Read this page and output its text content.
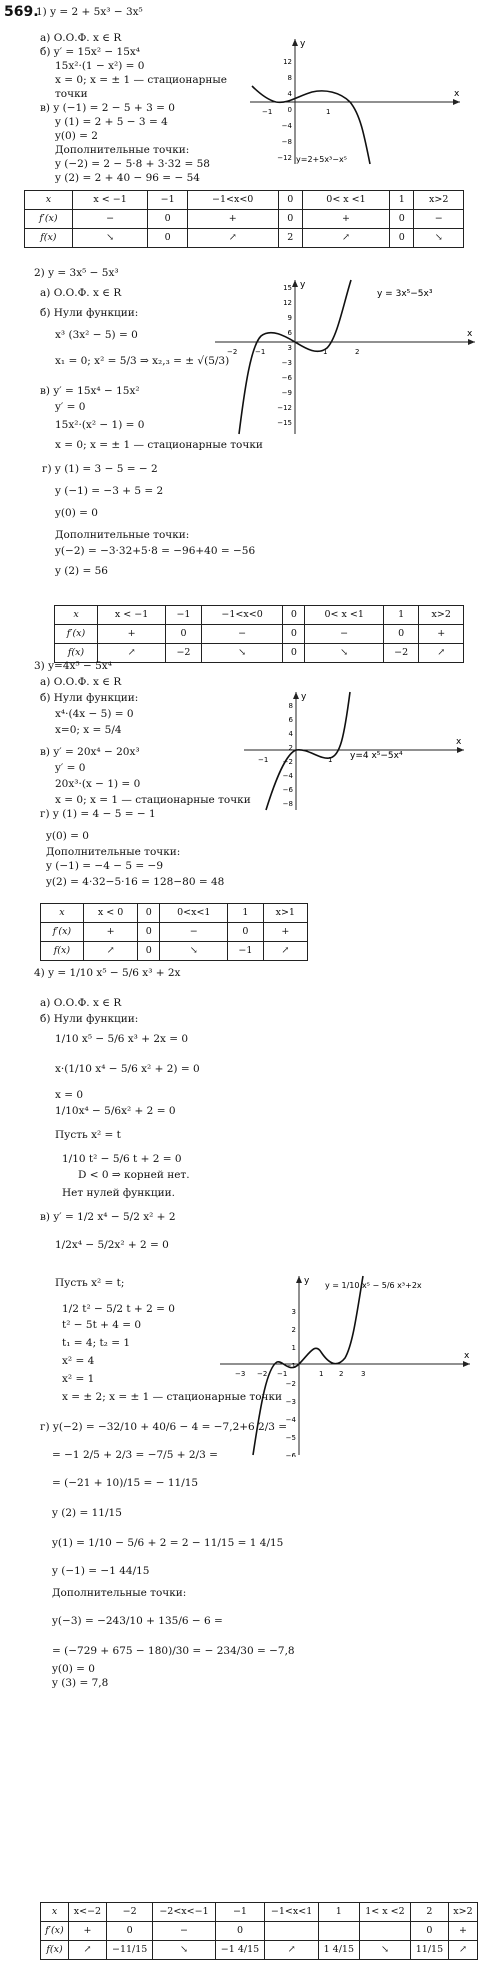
569.
1) y = 2 + 5x³ − 3x⁵
а) О.О.Ф. x ∈ R
б) y′ = 15x² − 15x⁴
15x²·(1 − x²) = 0
x = 0; x = ± 1 — стационарные
точки
в) y (−1) = 2 − 5 + 3 = 0
y (1) = 2 + 5 − 3 = 4
y(0) = 2
Дополнительные точки:
y (−2) = 2 − 5·8 + 3·32 = 58
y (2) = 2 + 40 − 96 = − 54
y
x
12
8
4
0
−4
−8
−12
−1	1
y=2+5x³−x⁵
x	x < −1	−1	−1<x<0	0	0< x <1	1	x>2
f′(x)	−	0	+	0	+	0	−
f(x)	↘	0	↗	2	↗	0	↘
2) y = 3x⁵ − 5x³
а) О.О.Ф. x ∈ R
б) Нули функции:
x³ (3x² − 5) = 0
x₁ = 0; x² = 5/3 ⇒ x₂,₃ = ± √(5/3)
в) y′ = 15x⁴ − 15x²
y′ = 0
15x²·(x² − 1) = 0
x = 0; x = ± 1 — стационарные точки
г) y (1) = 3 − 5 = − 2
y (−1) = −3 + 5 = 2
y(0) = 0
Дополнительные точки:
y(−2) = −3·32+5·8 = −96+40 = −56
y (2) = 56
y
x
15
12
9
6
3
−3
−6
−9
−12
−15
−2	−1	1	2
y = 3x⁵−5x³
x	x < −1	−1	−1<x<0	0	0< x <1	1	x>2
f′(x)	+	0	−	0	−	0	+
f(x)	↗	−2	↘	0	↘	−2	↗
3) y=4x⁵ − 5x⁴
а) О.О.Ф. x ∈ R
б) Нули функции:
x⁴·(4x − 5) = 0
x=0; x = 5/4
в) y′ = 20x⁴ − 20x³
y′ = 0
20x³·(x − 1) = 0
x = 0; x = 1 — стационарные точки
г) y (1) = 4 − 5 = − 1
y(0) = 0
Дополнительные точки:
y (−1) = −4 − 5 = −9
y(2) = 4·32−5·16 = 128−80 = 48
y
x
8
6
4
2
−2
−4
−6
−8
−1	1 y=4 x⁵−5x⁴
x	x < 0	0	0<x<1	1	x>1
f′(x)	+	0	−	0	+
f(x)	↗	0	↘	−1	↗
4) y = 1/10 x⁵ − 5/6 x³ + 2x
а) О.О.Ф. x ∈ R
б) Нули функции:
1/10 x⁵ − 5/6 x³ + 2x = 0
x·(1/10 x⁴ − 5/6 x² + 2) = 0
x = 0
1/10x⁴ − 5/6x² + 2 = 0
Пусть x² = t
1/10 t² − 5/6 t + 2 = 0
D < 0 ⇒ корней нет.
Нет нулей функции.
в) y′ = 1/2 x⁴ − 5/2 x² + 2
1/2x⁴ − 5/2x² + 2 = 0
Пусть x² = t;
1/2 t² − 5/2 t + 2 = 0
t² − 5t + 4 = 0
t₁ = 4; t₂ = 1
x² = 4
x² = 1
x = ± 2; x = ± 1 — стационарные точки
г) y(−2) = −32/10 + 40/6 − 4 = −7,2+6 2/3 =
= −1 2/5 + 2/3 = −7/5 + 2/3 =
= (−21 + 10)/15 = − 11/15
y (2) = 11/15
y(1) = 1/10 − 5/6 + 2 = 2 − 11/15 = 1 4/15
y (−1) = −1 44/15
Дополнительные точки:
y(−3) = −243/10 + 135/6 − 6 =
= (−729 + 675 − 180)/30 = − 234/30 = −7,8
y(0) = 0
y (3) = 7,8
y
x
3
2
1
−1
−2
−3
−4
−5
−6
−3 −2 −1	1 2	3
y = 1/10 x⁵ − 5/6 x³+2x
x	x<−2	−2	−2<x<−1	−1	−1<x<1	1	1< x <2	2	x>2
f′(x)	+	0	−	0				0	+
f(x)	↗	−11/15	↘	−1 4/15	↗	1 4/15	↘	11/15	↗
